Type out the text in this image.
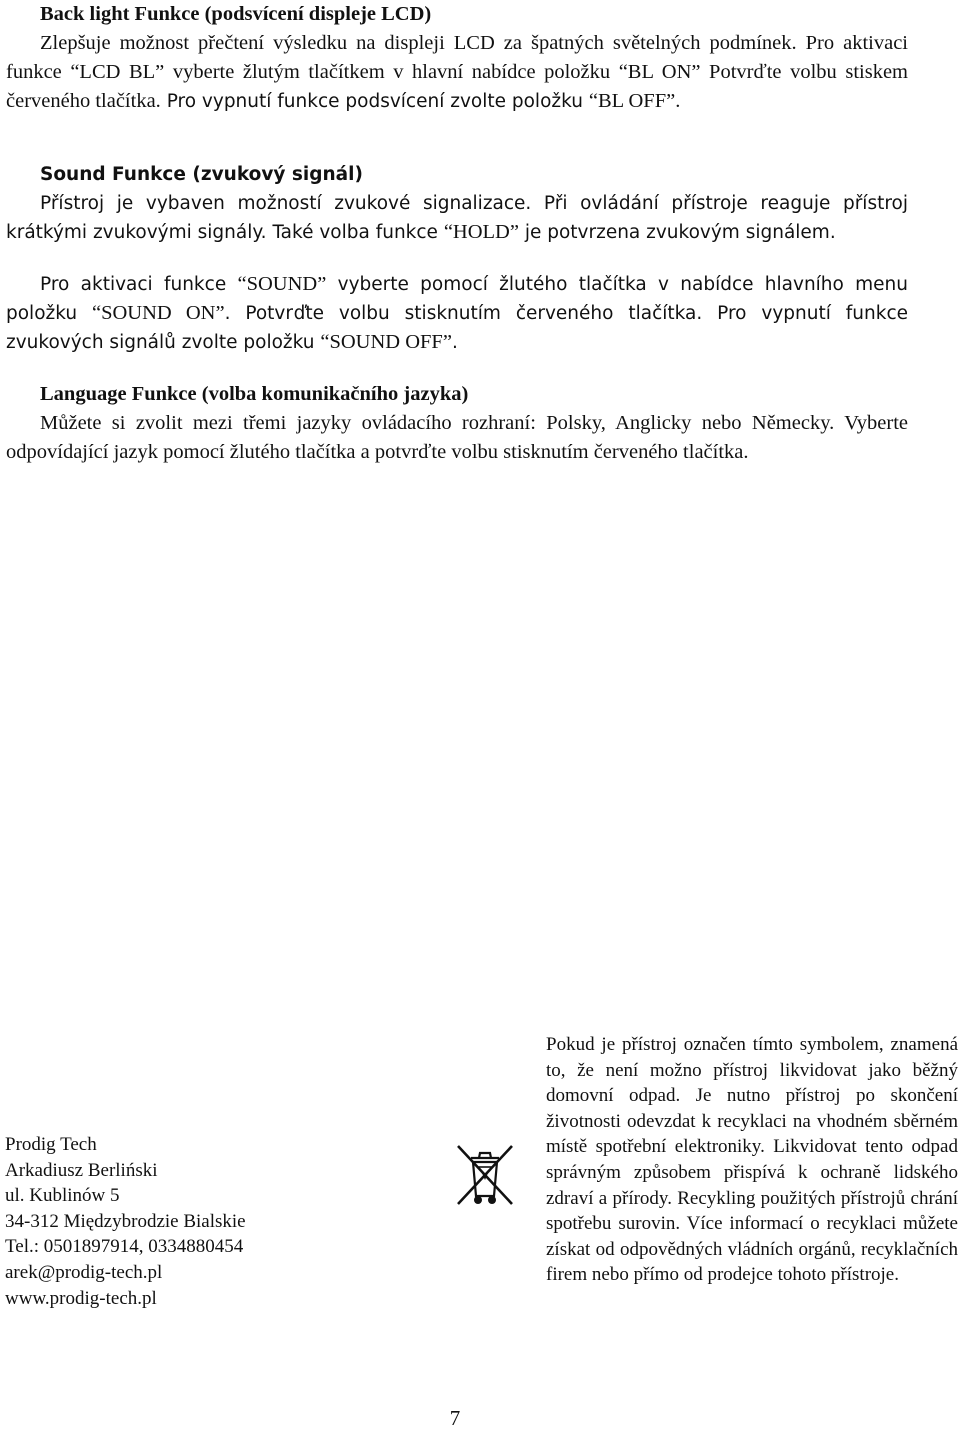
Back light Funkce (podsvícení displeje LCD)

Zlepšuje možnost přečtení výsledku na displeji LCD za špatných světelných podmínek. Pro aktivaci funkce “LCD BL” vyberte žlutým tlačítkem v hlavní nabídce položku “BL ON” Potvrďte volbu stiskem červeného tlačítka. Pro vypnutí funkce podsvícení zvolte položku “BL OFF”.

Sound Funkce (zvukový signál)

Přístroj je vybaven možností zvukové signalizace. Při ovládání přístroje reaguje přístroj krátkými zvukovými signály. Také volba funkce “HOLD” je potvrzena zvukovým signálem.

Pro aktivaci funkce “SOUND” vyberte pomocí žlutého tlačítka v nabídce hlavního menu položku “SOUND ON”. Potvrďte volbu stisknutím červeného tlačítka. Pro vypnutí funkce zvukových signálů zvolte položku “SOUND OFF”.

Language Funkce (volba komunikačního jazyka)

Můžete si zvolit mezi třemi jazyky ovládacího rozhraní: Polsky, Anglicky nebo Německy. Vyberte odpovídající jazyk pomocí žlutého tlačítka a potvrďte volbu stisknutím červeného tlačítka.

Prodig Tech
Arkadiusz Berliński
ul. Kublinów 5
34-312 Międzybrodzie Bialskie
Tel.: 0501897914, 0334880454
arek@prodig-tech.pl
www.prodig-tech.pl

Pokud je přístroj označen tímto symbolem, znamená to, že není možno přístroj likvidovat jako běžný domovní odpad. Je nutno přístroj po skončení životnosti odevzdat k recyklaci na vhodném sběrném místě spotřební elektroniky. Likvidovat tento odpad správným způsobem přispívá k ochraně lidského zdraví a přírody. Recykling použitých přístrojů chrání spotřebu surovin. Více informací o recyklaci můžete získat od odpovědných vládních orgánů, recyklačních firem nebo přímo od prodejce tohoto přístroje.

7
